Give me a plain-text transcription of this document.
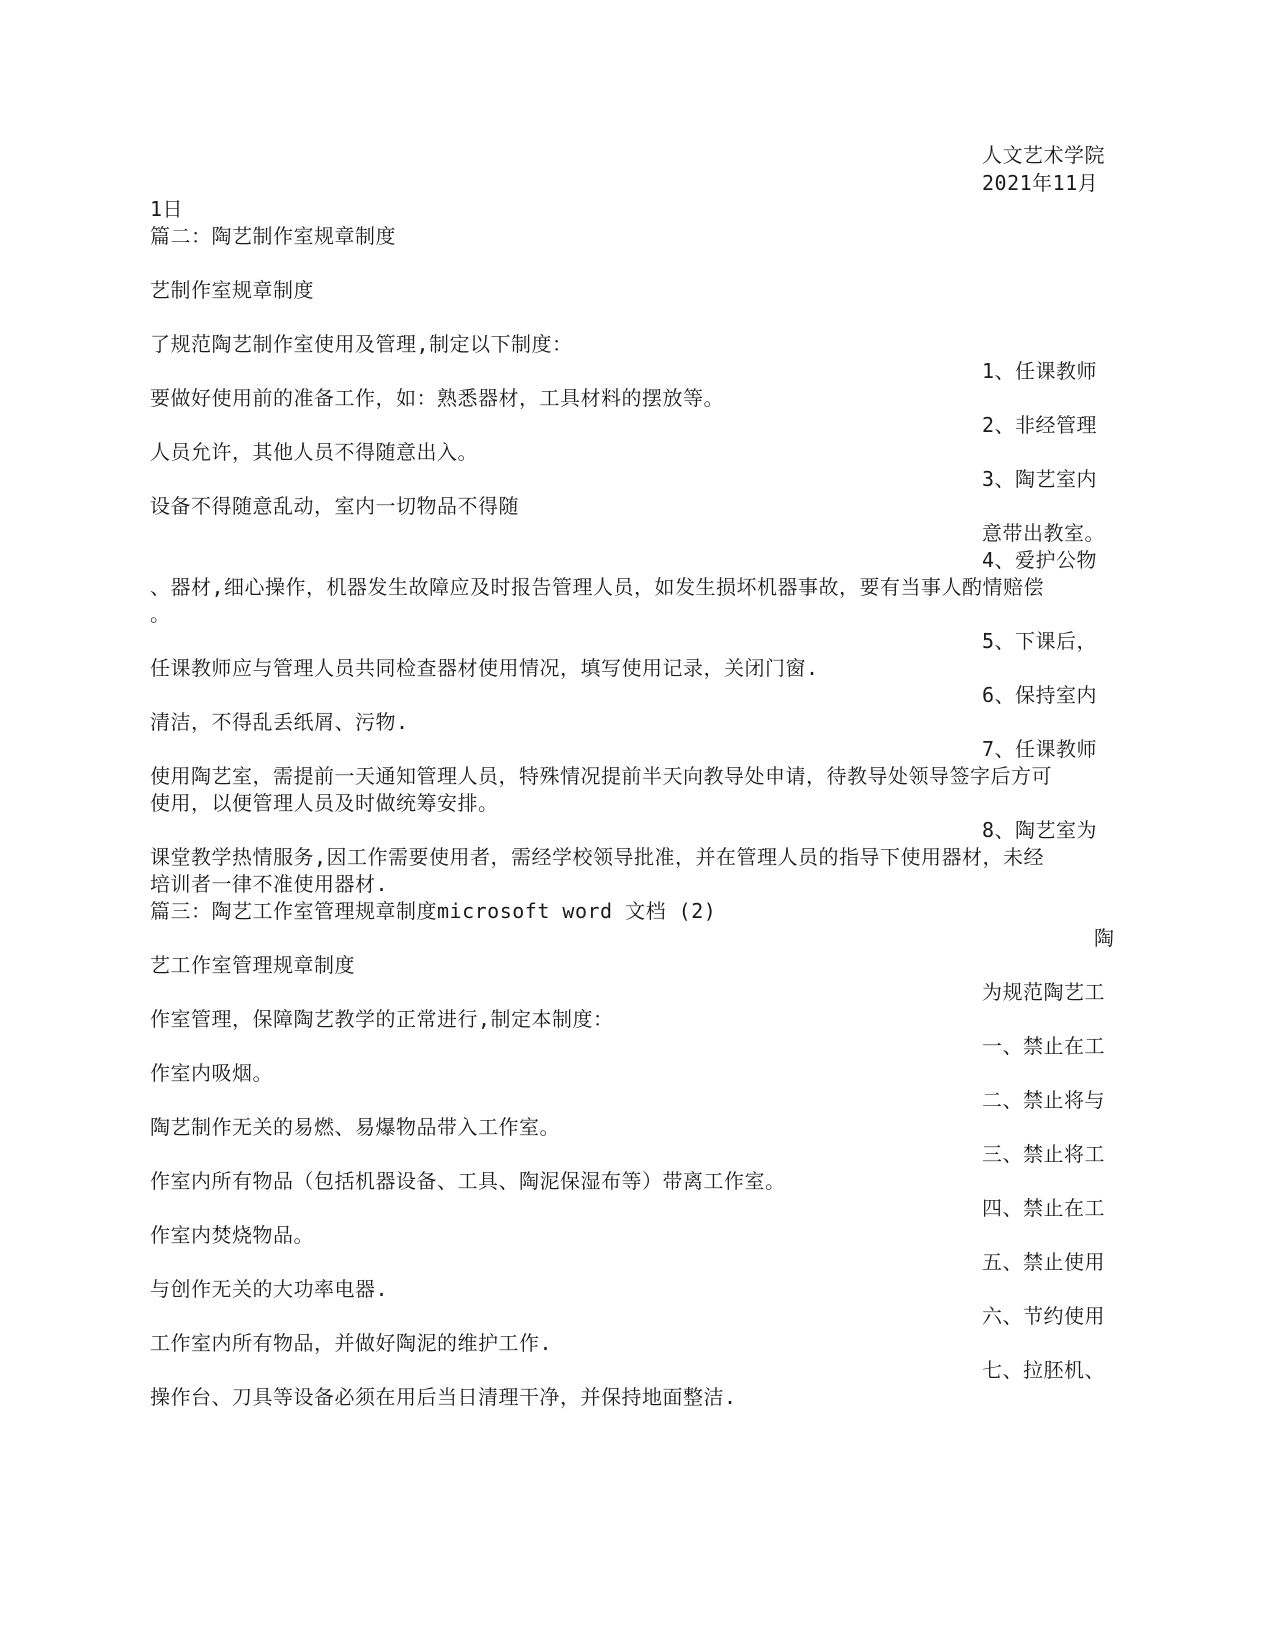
人文艺术学院
2021年11月
1日
篇二：陶艺制作室规章制度
艺制作室规章制度
了规范陶艺制作室使用及管理,制定以下制度：
1、任课教师
要做好使用前的准备工作，如：熟悉器材，工具材料的摆放等。
2、非经管理
人员允许，其他人员不得随意出入。
3、陶艺室内
设备不得随意乱动，室内一切物品不得随
意带出教室。
4、爱护公物
、器材,细心操作，机器发生故障应及时报告管理人员，如发生损坏机器事故，要有当事人酌情赔偿
。
5、下课后，
任课教师应与管理人员共同检查器材使用情况，填写使用记录，关闭门窗.
6、保持室内
清洁，不得乱丢纸屑、污物.
7、任课教师
使用陶艺室，需提前一天通知管理人员，特殊情况提前半天向教导处申请，待教导处领导签字后方可
使用，以便管理人员及时做统筹安排。
8、陶艺室为
课堂教学热情服务,因工作需要使用者，需经学校领导批准，并在管理人员的指导下使用器材，未经
培训者一律不准使用器材.
篇三：陶艺工作室管理规章制度microsoft word 文档 (2)
陶
艺工作室管理规章制度
为规范陶艺工
作室管理，保障陶艺教学的正常进行,制定本制度：
一、禁止在工
作室内吸烟。
二、禁止将与
陶艺制作无关的易燃、易爆物品带入工作室。
三、禁止将工
作室内所有物品（包括机器设备、工具、陶泥保湿布等）带离工作室。
四、禁止在工
作室内焚烧物品。
五、禁止使用
与创作无关的大功率电器.
六、节约使用
工作室内所有物品，并做好陶泥的维护工作.
七、拉胚机、
操作台、刀具等设备必须在用后当日清理干净，并保持地面整洁.
